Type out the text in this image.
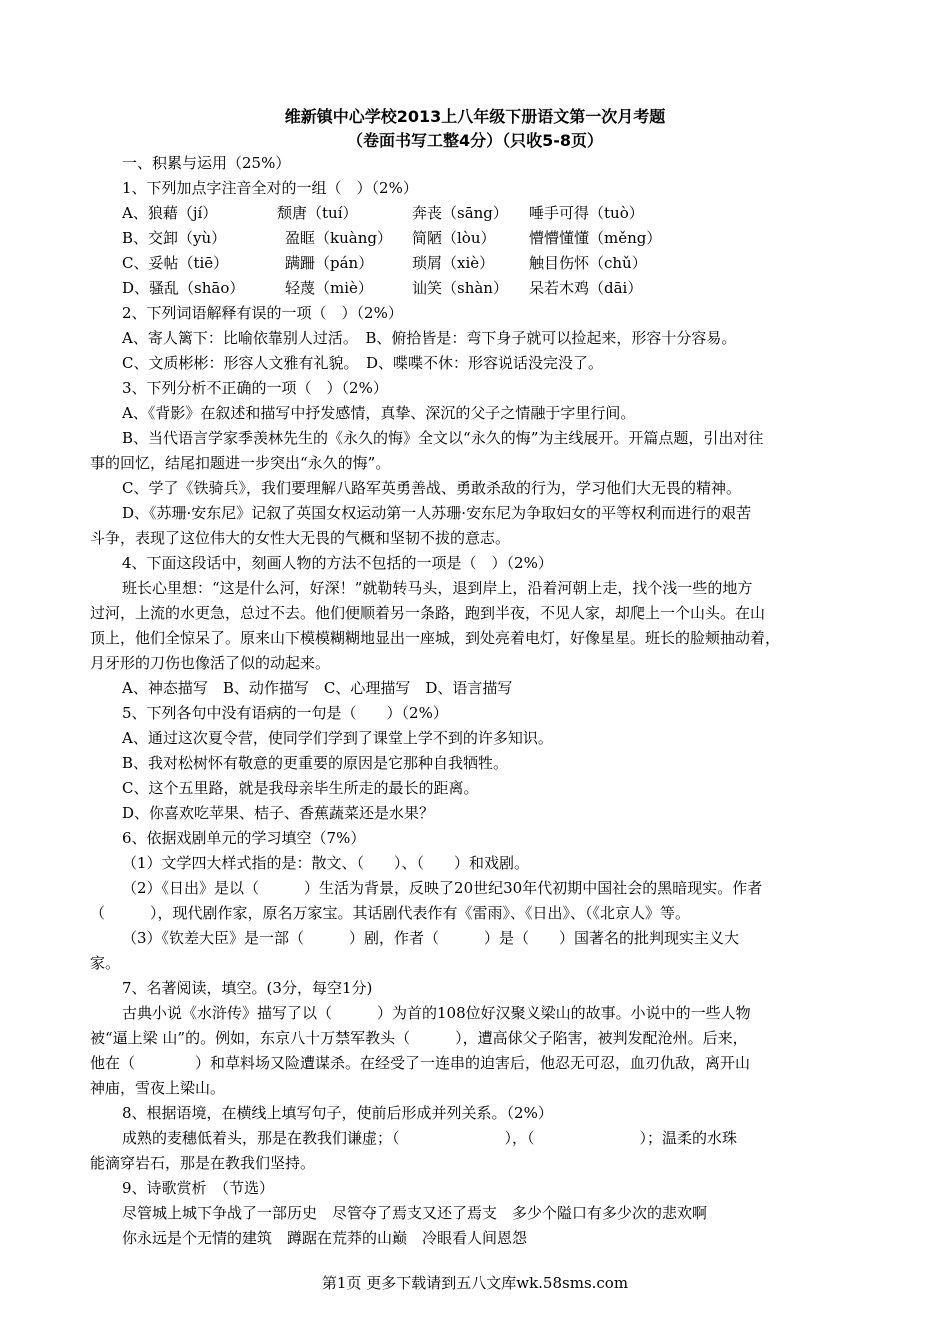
维新镇中心学校2013上八年级下册语文第一次月考题
（卷面书写工整4分）（只收5-8页）
一、积累与运用（25%）
1、下列加点字注音全对的一组（　）（2%）
A、狼藉（jí）	颓唐（tuí）	奔丧（sāng） 唾手可得（tuò）
B、交卸（yù）	盈眶（kuàng） 简陋（lòu） 懵懵懂懂（měng）
C、妥帖（tiē）	蹒跚（pán）	琐屑（xiè） 触目伤怀（chǔ）
D、骚乱（shāo）	轻蔑（miè）	讪笑（shàn） 呆若木鸡（dāi）
2、下列词语解释有误的一项（　）（2%）
A、寄人篱下：比喻依靠别人过活。　B、俯拾皆是：弯下身子就可以捡起来，形容十分容易。
C、文质彬彬：形容人文雅有礼貌。　D、喋喋不休：形容说话没完没了。
3、下列分析不正确的一项（　）（2%）
A、《背影》在叙述和描写中抒发感情，真挚、深沉的父子之情融于字里行间。
B、当代语言学家季羡林先生的《永久的悔》全文以“永久的悔”为主线展开。开篇点题，引出对往
事的回忆，结尾扣题进一步突出“永久的悔”。
C、学了《铁骑兵》，我们要理解八路军英勇善战、勇敢杀敌的行为，学习他们大无畏的精神。
D、《苏珊·安东尼》记叙了英国女权运动第一人苏珊·安东尼为争取妇女的平等权利而进行的艰苦
斗争，表现了这位伟大的女性大无畏的气概和坚韧不拔的意志。
4、下面这段话中，刻画人物的方法不包括的一项是（　）（2%）
班长心里想：“这是什么河，好深！”就勒转马头，退到岸上，沿着河朝上走，找个浅一些的地方
过河，上流的水更急，总过不去。他们便顺着另一条路，跑到半夜，不见人家，却爬上一个山头。在山
顶上，他们全惊呆了。原来山下模模糊糊地显出一座城，到处亮着电灯，好像星星。班长的脸颊抽动着，
月牙形的刀伤也像活了似的动起来。
A、神态描写　B、动作描写　C、心理描写　D、语言描写
5、下列各句中没有语病的一句是（　　）（2%）
A、通过这次夏令营，使同学们学到了课堂上学不到的许多知识。
B、我对松树怀有敬意的更重要的原因是它那种自我牺牲。
C、这个五里路，就是我母亲毕生所走的最长的距离。
D、你喜欢吃苹果、桔子、香蕉蔬菜还是水果？
6、依据戏剧单元的学习填空（7%）
（1）文学四大样式指的是：散文、（　　）、（　　）和戏剧。
（2）《日出》是以（　　　）生活为背景，反映了20世纪30年代初期中国社会的黑暗现实。作者
（　　　），现代剧作家，原名万家宝。其话剧代表作有《雷雨》、《日出》、（《北京人》等。
（3）《钦差大臣》是一部（　　　）剧，作者（　　　）是（　　）国著名的批判现实主义大
家。
7、名著阅读，填空。(3分，每空1分)
古典小说《水浒传》描写了以（　　　）为首的108位好汉聚义梁山的故事。小说中的一些人物
被“逼上梁 山”的。例如，东京八十万禁军教头（　　　），遭高俅父子陷害，被判发配沧州。后来，
他在（　　　　）和草料场又险遭谋杀。在经受了一连串的迫害后，他忍无可忍，血刃仇敌，离开山
神庙，雪夜上梁山。
8、根据语境，在横线上填写句子，使前后形成并列关系。（2%）
成熟的麦穗低着头，那是在教我们谦虚；（　　　　　　　），（　　　　　　　）；温柔的水珠
能滴穿岩石，那是在教我们坚持。
9、诗歌赏析　（节选）
尽管城上城下争战了一部历史　尽管夺了焉支又还了焉支　多少个隘口有多少次的悲欢啊
你永远是个无情的建筑　蹲踞在荒莽的山巅　冷眼看人间恩怨
第1页 更多下载请到五八文库wk.58sms.com
